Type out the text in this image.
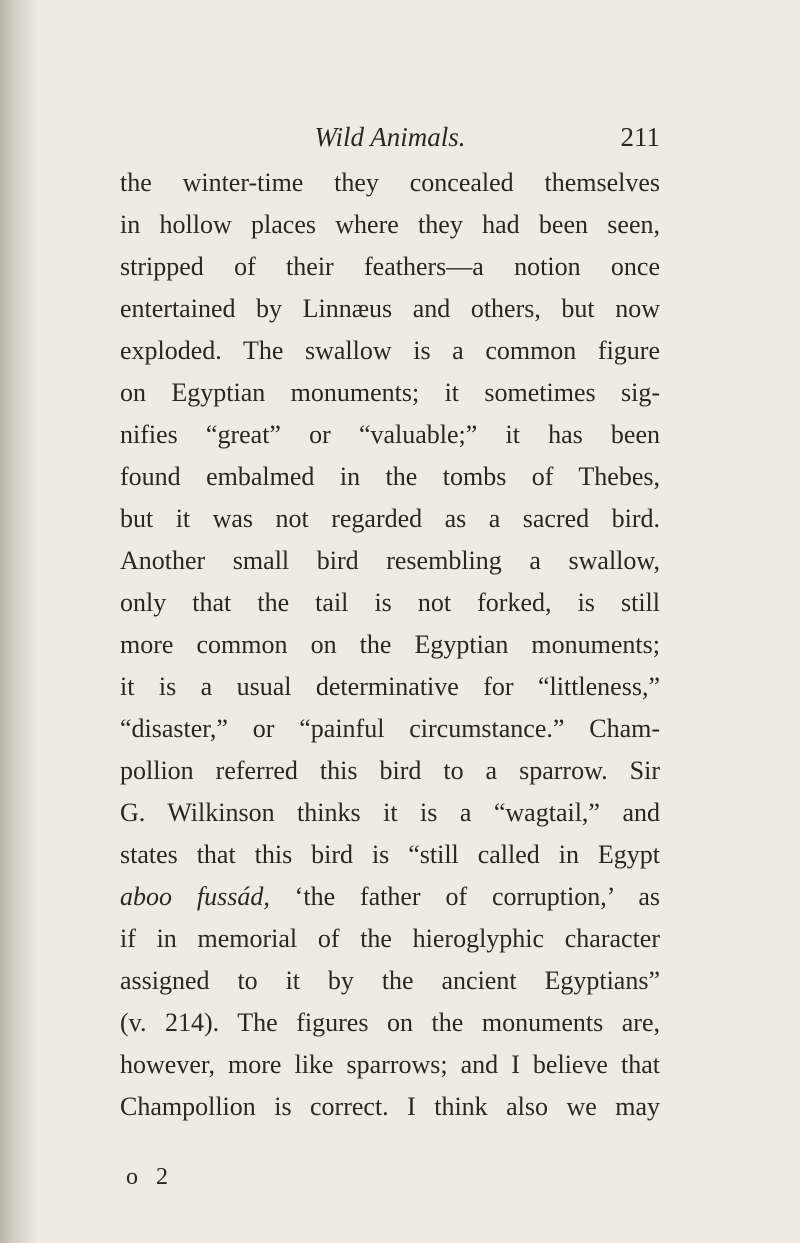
Wild Animals.	211
the winter-time they concealed themselves
in hollow places where they had been seen,
stripped of their feathers—a notion once
entertained by Linnæus and others, but now
exploded. The swallow is a common figure
on Egyptian monuments; it sometimes sig-
nifies “great” or “valuable;” it has been
found embalmed in the tombs of Thebes,
but it was not regarded as a sacred bird.
Another small bird resembling a swallow,
only that the tail is not forked, is still
more common on the Egyptian monuments;
it is a usual determinative for “littleness,”
“disaster,” or “painful circumstance.” Cham-
pollion referred this bird to a sparrow. Sir
G. Wilkinson thinks it is a “wagtail,” and
states that this bird is “still called in Egypt
aboo fussád, ‘the father of corruption,’ as
if in memorial of the hieroglyphic character
assigned to it by the ancient Egyptians”
(v. 214). The figures on the monuments are,
however, more like sparrows; and I believe that
Champollion is correct. I think also we may
o 2
